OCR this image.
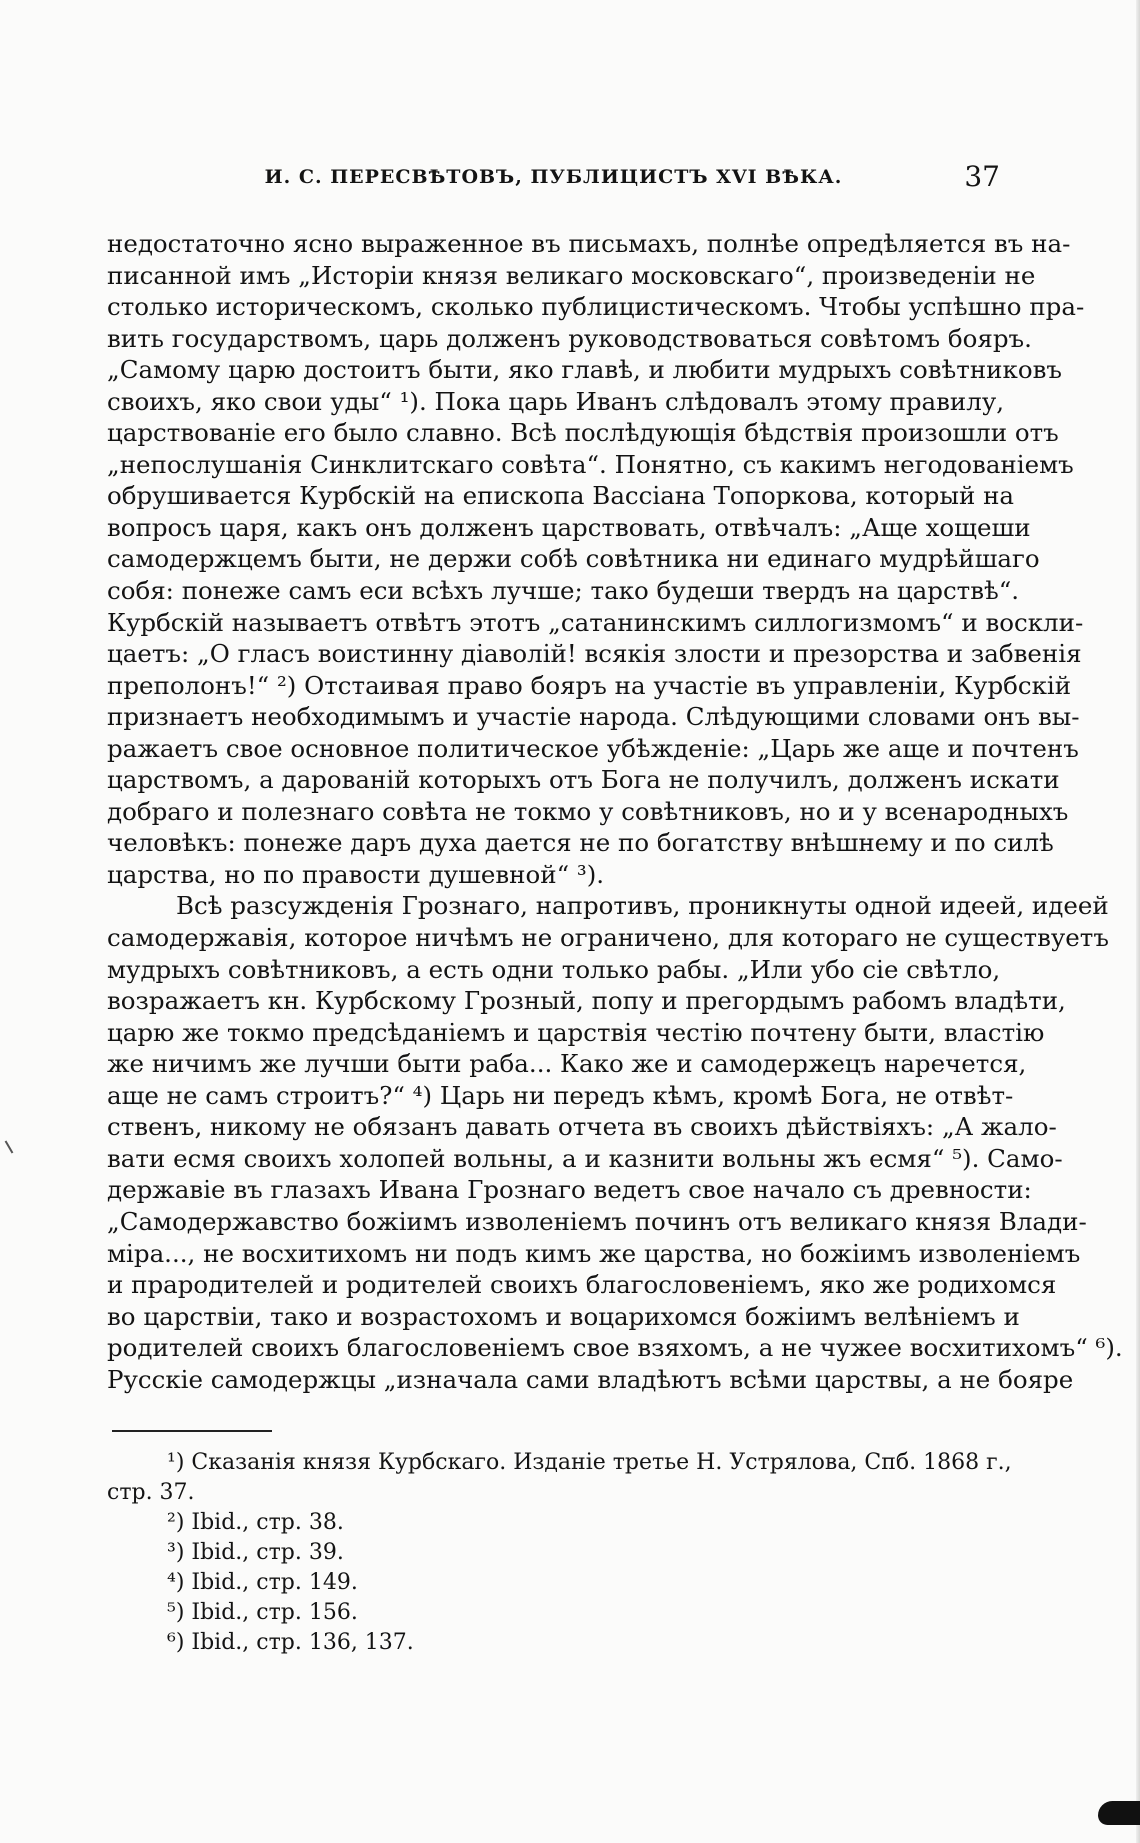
И. С. ПЕРЕСВѢТОВЪ, ПУБЛИЦИСТЪ XVI ВѢКА.	37
недостаточно ясно выраженное въ письмахъ, полнѣе опредѣляется въ на-
писанной имъ „Исторіи князя великаго московскаго“, произведеніи не
столько историческомъ, сколько публицистическомъ. Чтобы успѣшно пра-
вить государствомъ, царь долженъ руководствоваться совѣтомъ бояръ.
„Самому царю достоитъ быти, яко главѣ, и любити мудрыхъ совѣтниковъ
своихъ, яко свои уды“ ¹). Пока царь Иванъ слѣдовалъ этому правилу,
царствованіе его было славно. Всѣ послѣдующія бѣдствія произошли отъ
„непослушанія Синклитскаго совѣта“. Понятно, съ какимъ негодованіемъ
обрушивается Курбскій на епископа Вассіана Топоркова, который на
вопросъ царя, какъ онъ долженъ царствовать, отвѣчалъ: „Аще хощеши
самодержцемъ быти, не держи собѣ совѣтника ни единаго мудрѣйшаго
собя: понеже самъ еси всѣхъ лучше; тако будеши твердъ на царствѣ“.
Курбскій называетъ отвѣтъ этотъ „сатанинскимъ силлогизмомъ“ и воскли-
цаетъ: „О гласъ воистинну діаволій! всякія злости и презорства и забвенія
преполонъ!“ ²) Отстаивая право бояръ на участіе въ управленіи, Курбскій
признаетъ необходимымъ и участіе народа. Слѣдующими словами онъ вы-
ражаетъ свое основное политическое убѣжденіе: „Царь же аще и почтенъ
царствомъ, а дарованій которыхъ отъ Бога не получилъ, долженъ искати
добраго и полезнаго совѣта не токмо у совѣтниковъ, но и у всенародныхъ
человѣкъ: понеже даръ духа дается не по богатству внѣшнему и по силѣ
царства, но по правости душевной“ ³).
Всѣ разсужденія Грознаго, напротивъ, проникнуты одной идеей, идеей
самодержавія, которое ничѣмъ не ограничено, для котораго не существуетъ
мудрыхъ совѣтниковъ, а есть одни только рабы. „Или убо сіе свѣтло,
возражаетъ кн. Курбскому Грозный, попу и прегордымъ рабомъ владѣти,
царю же токмо предсѣданіемъ и царствія честію почтену быти, властію
же ничимъ же лучши быти раба... Како же и самодержецъ наречется,
аще не самъ строитъ?“ ⁴) Царь ни передъ кѣмъ, кромѣ Бога, не отвѣт-
ственъ, никому не обязанъ давать отчета въ своихъ дѣйствіяхъ: „А жало-
вати есмя своихъ холопей вольны, а и казнити вольны жъ есмя“ ⁵). Само-
державіе въ глазахъ Ивана Грознаго ведетъ свое начало съ древности:
„Самодержавство божіимъ изволеніемъ починъ отъ великаго князя Влади-
міра..., не восхитихомъ ни подъ кимъ же царства, но божіимъ изволеніемъ
и прародителей и родителей своихъ благословеніемъ, яко же родихомся
во царствіи, тако и возрастохомъ и воцарихомся божіимъ велѣніемъ и
родителей своихъ благословеніемъ свое взяхомъ, а не чужее восхитихомъ“ ⁶).
Русскіе самодержцы „изначала сами владѣютъ всѣми царствы, а не бояре
¹) Сказанія князя Курбскаго. Изданіе третье Н. Устрялова, Спб. 1868 г.,
стр. 37.
²) Ibid., стр. 38.
³) Ibid., стр. 39.
⁴) Ibid., стр. 149.
⁵) Ibid., стр. 156.
⁶) Ibid., стр. 136, 137.
